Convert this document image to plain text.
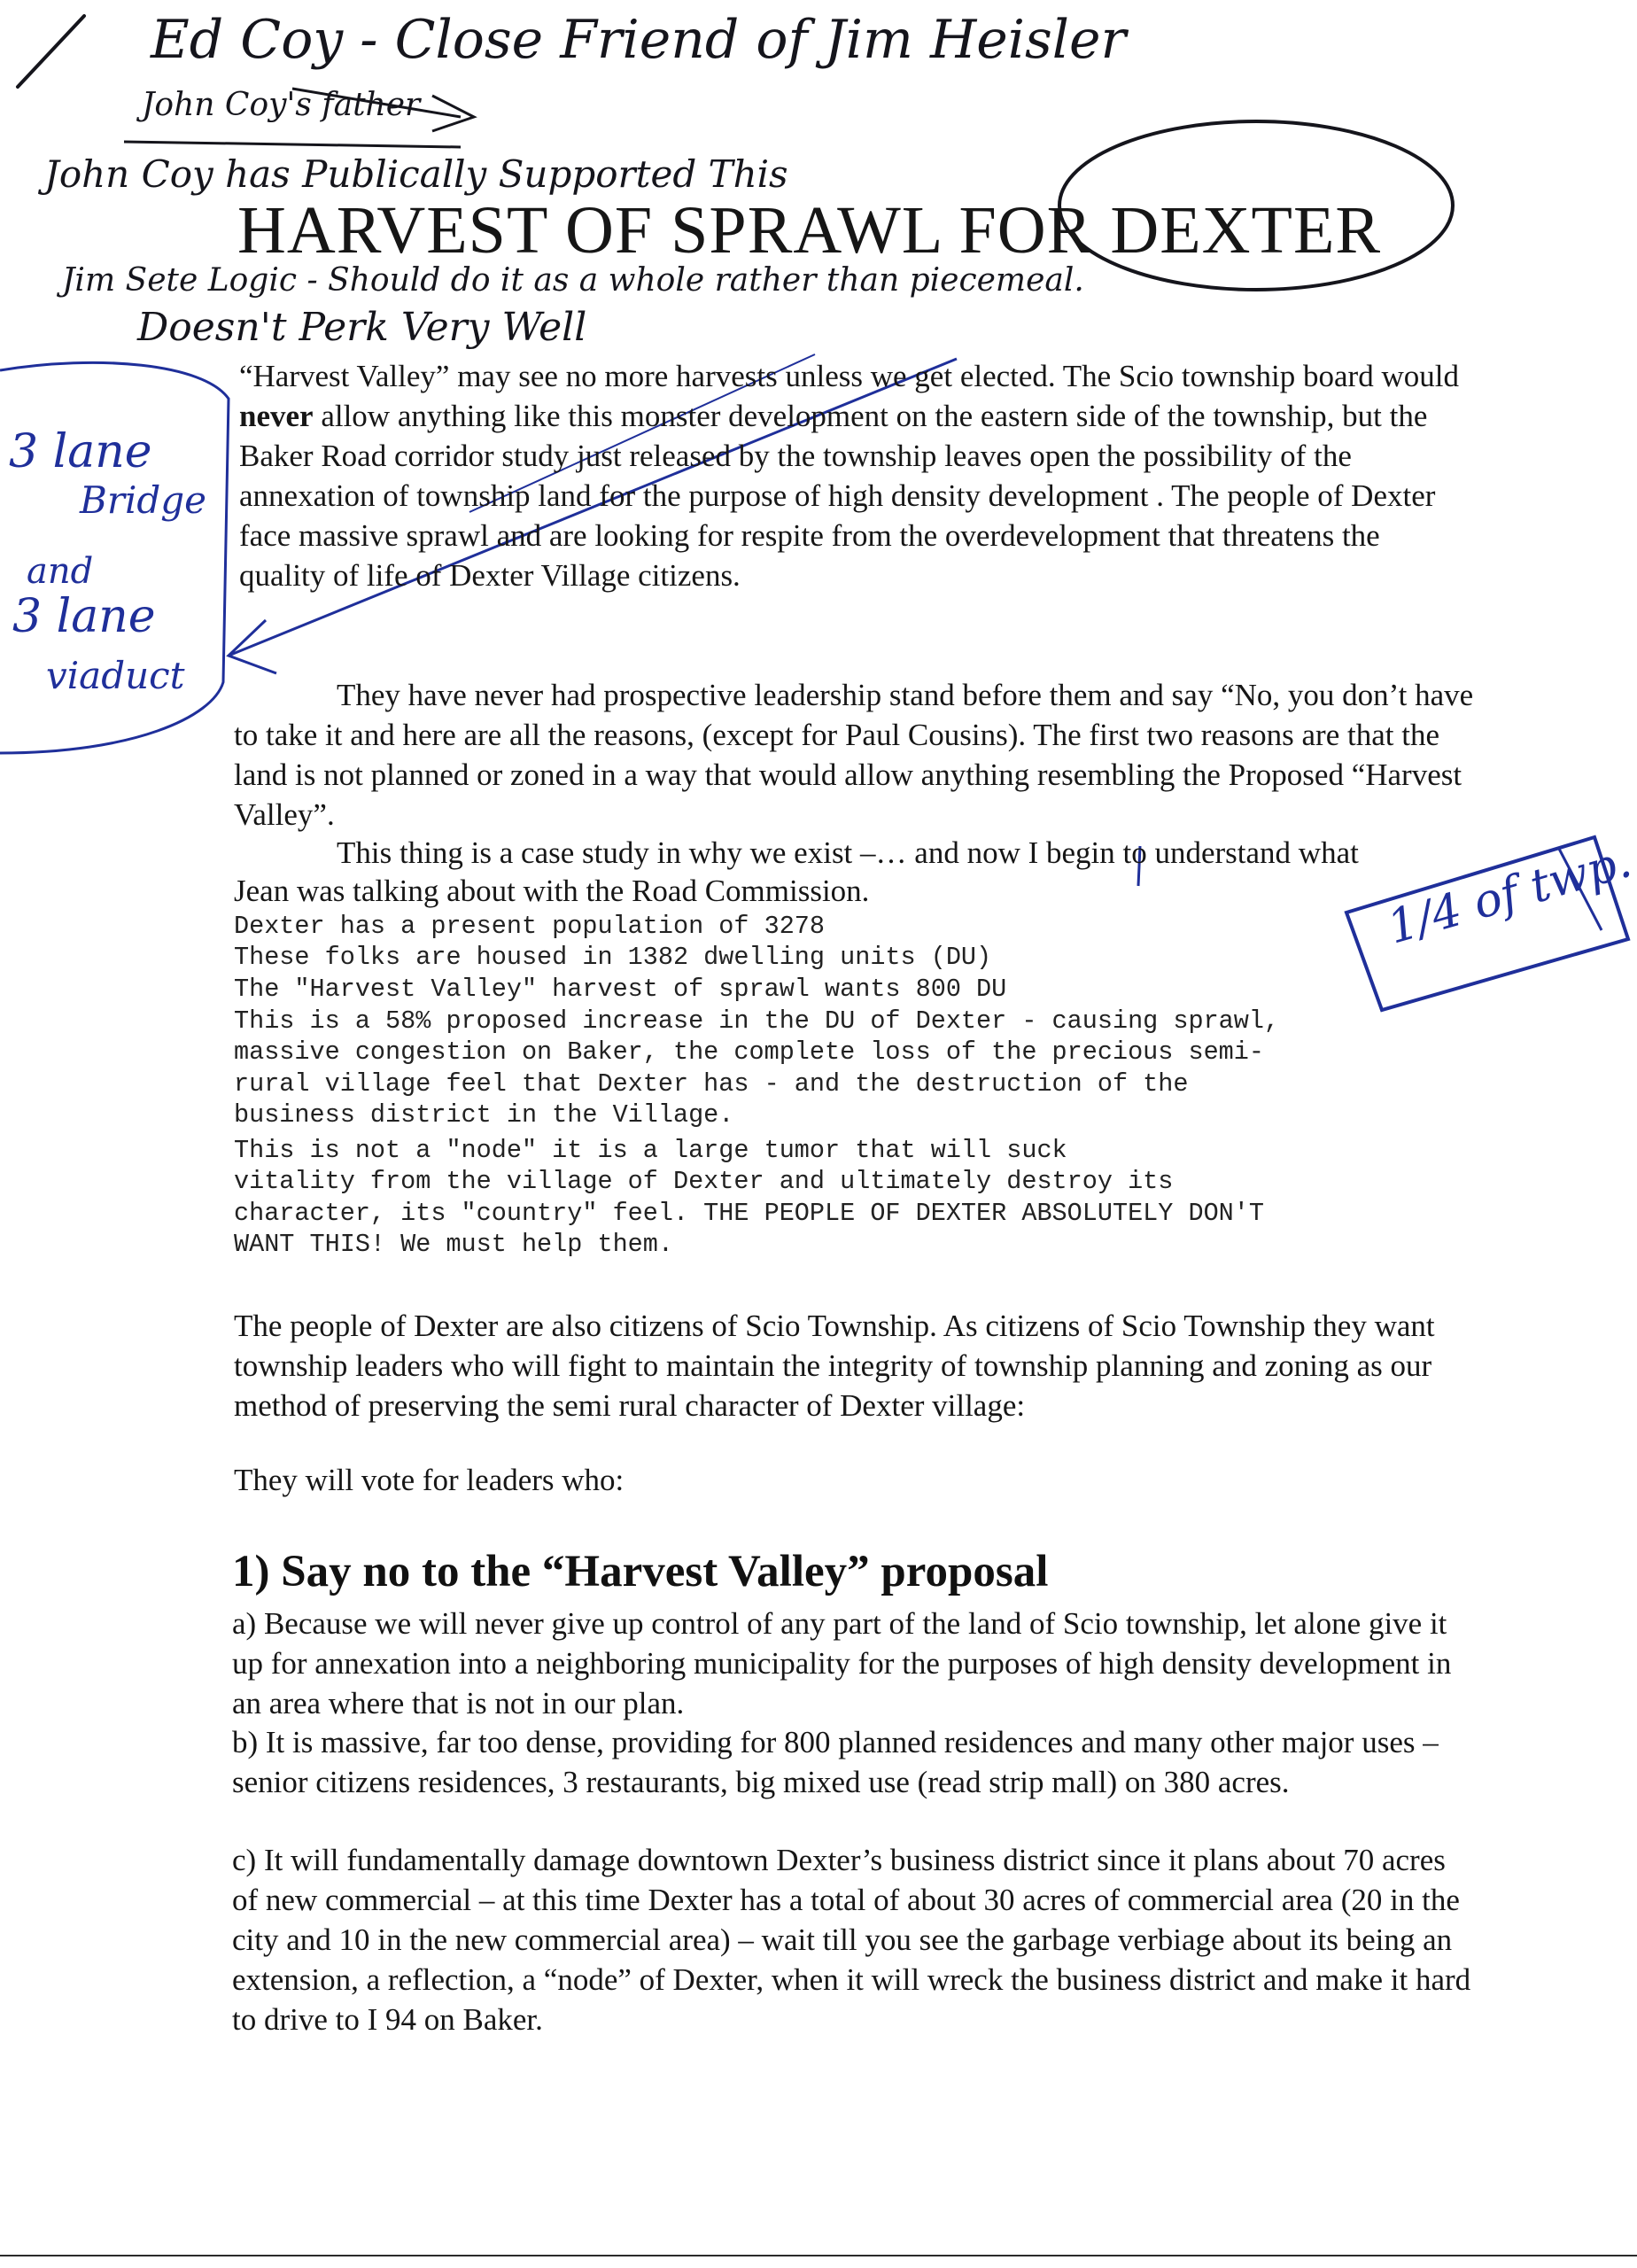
Ed Coy - Close Friend of Jim Heisler
John Coy's father
John Coy has Publically Supported This
Jim Sete Logic - Should do it as a whole rather than piecemeal.
Doesn't Perk Very Well
3 lane
Bridge
and
3 lane
viaduct
1/4 of twp.
HARVEST OF SPRAWL FOR DEXTER

“Harvest Valley” may see no more harvests unless we get elected. The Scio township board would never allow anything like this monster development on the eastern side of the township, but the Baker Road corridor study just released by the township leaves open the possibility of the annexation of township land for the purpose of high density development . The people of Dexter face massive sprawl and are looking for respite from the overdevelopment that threatens the quality of life of Dexter Village citizens.

They have never had prospective leadership stand before them and say “No, you don’t have to take it and here are all the reasons, (except for Paul Cousins). The first two reasons are that the land is not planned or zoned in a way that would allow anything resembling the Proposed “Harvest Valley”.

This thing is a case study in why we exist –… and now I begin to understand what
Jean was talking about with the Road Commission.
Dexter has a present population of 3278
These folks are housed in 1382 dwelling units (DU)
The "Harvest Valley" harvest of sprawl wants 800 DU
This is a 58% proposed increase in the DU of Dexter - causing sprawl,
massive congestion on Baker, the complete loss of the precious semi-
rural village feel that Dexter has - and the destruction of the
business district in the Village.
This is not a "node" it is a large tumor that will suck
vitality from the village of Dexter and ultimately destroy its
character, its "country" feel. THE PEOPLE OF DEXTER ABSOLUTELY DON'T
WANT THIS! We must help them.

The people of Dexter are also citizens of Scio Township. As citizens of Scio Township they want township leaders who will fight to maintain the integrity of township planning and zoning as our method of preserving the semi rural character of Dexter village:

They will vote for leaders who:
1) Say no to the “Harvest Valley” proposal

a) Because we will never give up control of any part of the land of Scio township, let alone give it up for annexation into a neighboring municipality for the purposes of high density development in an area where that is not in our plan.

b) It is massive, far too dense, providing for 800 planned residences and many other major uses – senior citizens residences, 3 restaurants, big mixed use (read strip mall) on 380 acres.

c) It will fundamentally damage downtown Dexter’s business district since it plans about 70 acres of new commercial – at this time Dexter has a total of about 30 acres of commercial area (20 in the city and 10 in the new commercial area) – wait till you see the garbage verbiage about its being an extension, a reflection, a “node” of Dexter, when it will wreck the business district and make it hard to drive to I 94 on Baker.
